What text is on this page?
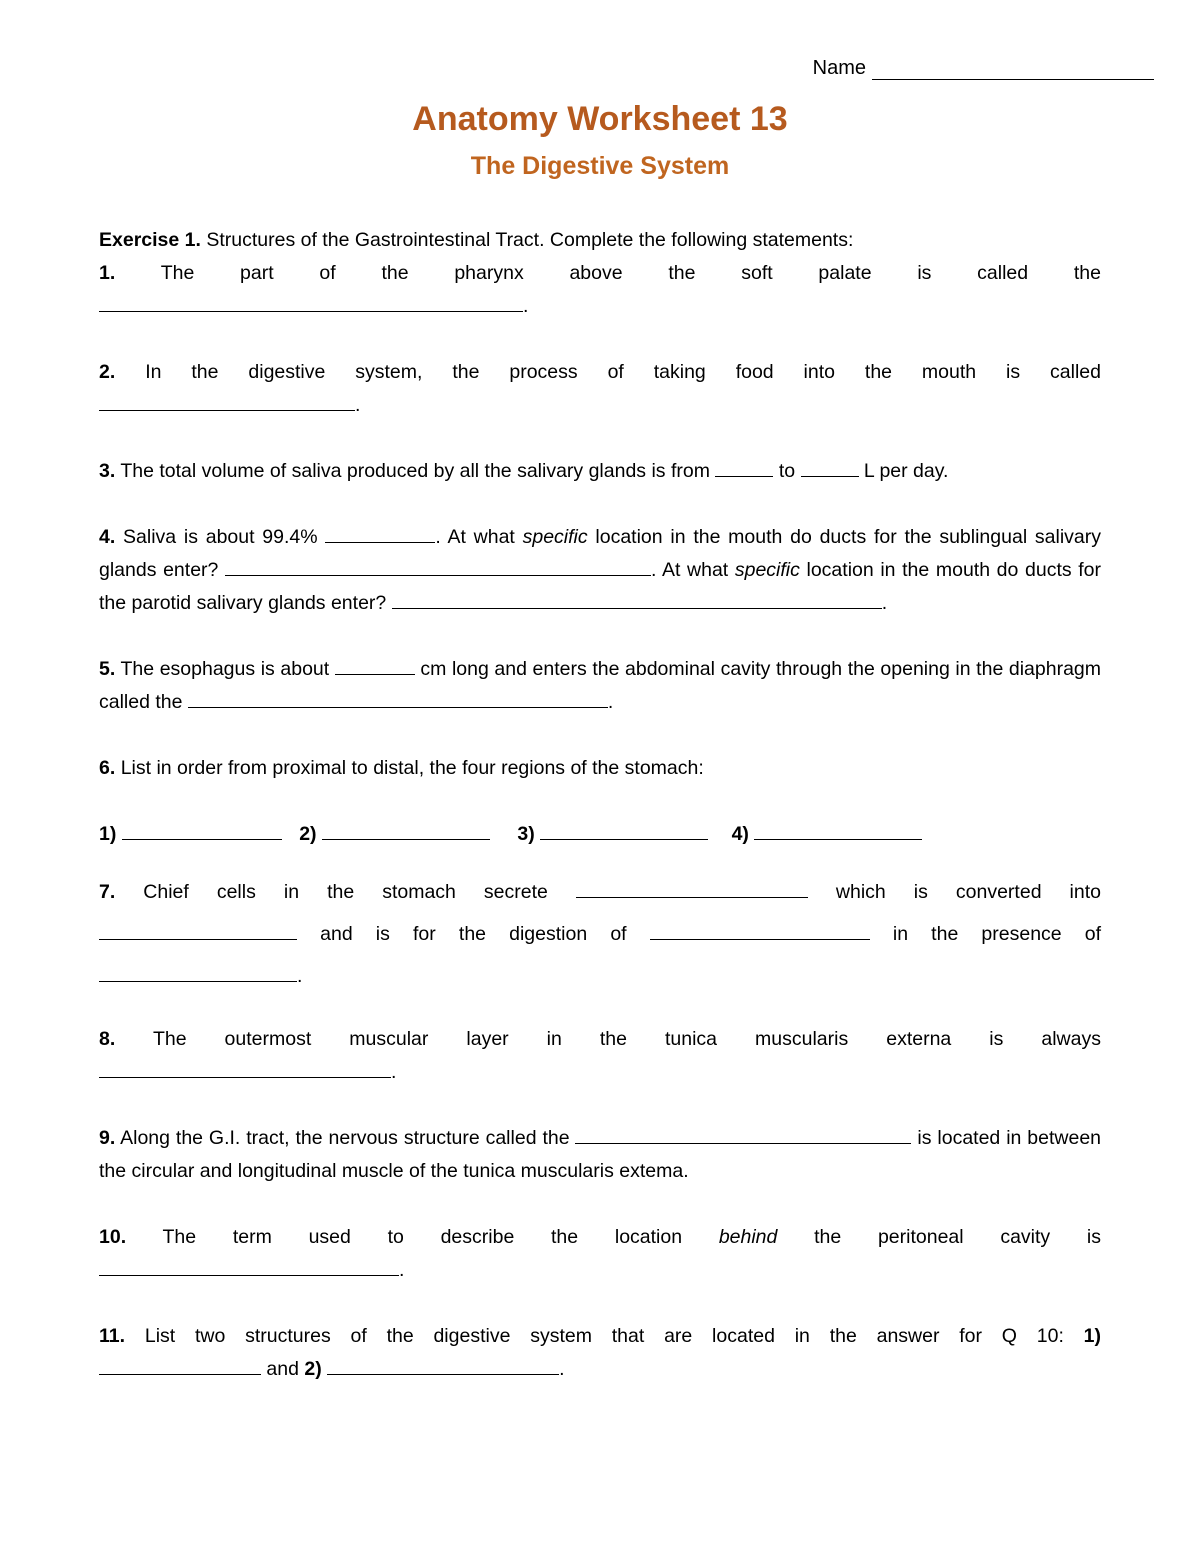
Name
Anatomy Worksheet 13
The Digestive System

Exercise 1. Structures of the Gastrointestinal Tract. Complete the following statements:

1. The part of the pharynx above the soft palate is called the

.

2. In the digestive system, the process of taking food into the mouth is called

.

3. The total volume of saliva produced by all the salivary glands is from	to	L per day.

4. Saliva is about 99.4%	. At what specific location in the mouth do ducts for the sublingual salivary glands enter?	. At what specific location in the mouth do ducts for the parotid salivary glands enter?	.

5. The esophagus is about	cm long and enters the abdominal cavity through the opening in the diaphragm called the	.

6. List in order from proximal to distal, the four regions of the stomach:

1)	2)	3)	4)

7. Chief cells in the stomach secrete	which is converted into

and is for the digestion of	in the presence of

.

8. The outermost muscular layer in the tunica muscularis externa is always

.

9. Along the G.I. tract, the nervous structure called the	is located in between the circular and longitudinal muscle of the tunica muscularis extema.

10. The term used to describe the location behind the peritoneal cavity is

.

11. List two structures of the digestive system that are located in the answer for Q 10: 1)

and 2)	.
